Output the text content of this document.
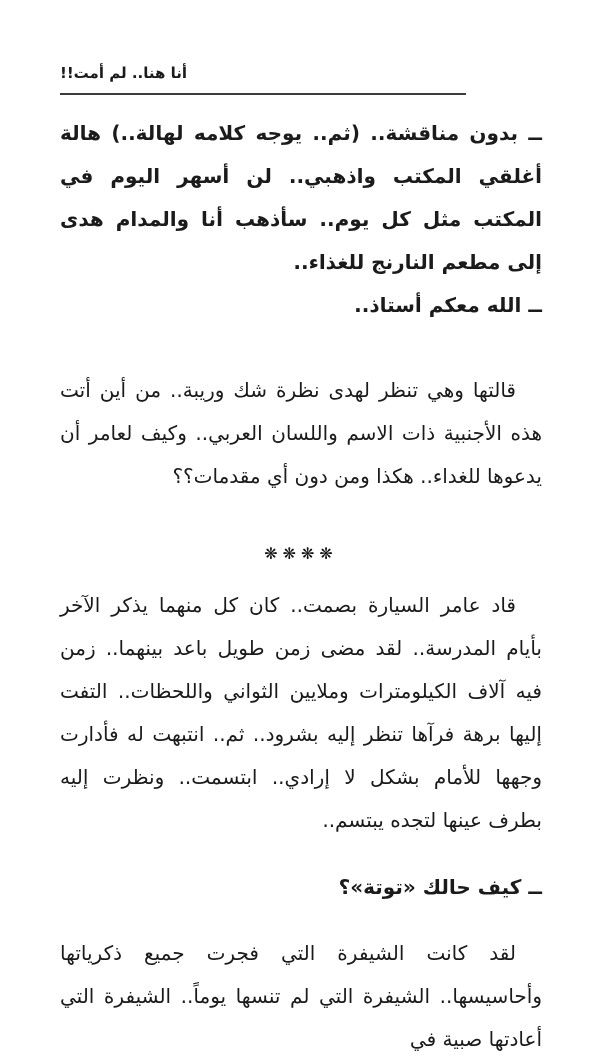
أنا هنا.. لم أمت!!

ــ بدون مناقشة.. (ثم.. يوجه كلامه لهالة..) هالة أغلقي المكتب واذهبي.. لن أسهر اليوم في المكتب مثل كل يوم.. سأذهب أنا والمدام هدى إلى مطعم النارنج للغذاء..

ــ الله معكم أستاذ..

قالتها وهي تنظر لهدى نظرة شك وريبة.. من أين أتت هذه الأجنبية ذات الاسم واللسان العربي.. وكيف لعامر أن يدعوها للغداء.. هكذا ومن دون أي مقدمات؟؟

❋❋❋❋

قاد عامر السيارة بصمت.. كان كل منهما يذكر الآخر بأيام المدرسة.. لقد مضى زمن طويل باعد بينهما.. زمن فيه آلاف الكيلومترات وملايين الثواني واللحظات.. التفت إليها برهة فرآها تنظر إليه بشرود.. ثم.. انتبهت له فأدارت وجهها للأمام بشكل لا إرادي.. ابتسمت.. ونظرت إليه بطرف عينها لتجده يبتسم..

ــ كيف حالك «توتة»؟

لقد كانت الشيفرة التي فجرت جميع ذكرياتها وأحاسيسها.. الشيفرة التي لم تنسها يوماً.. الشيفرة التي أعادتها صبية في
